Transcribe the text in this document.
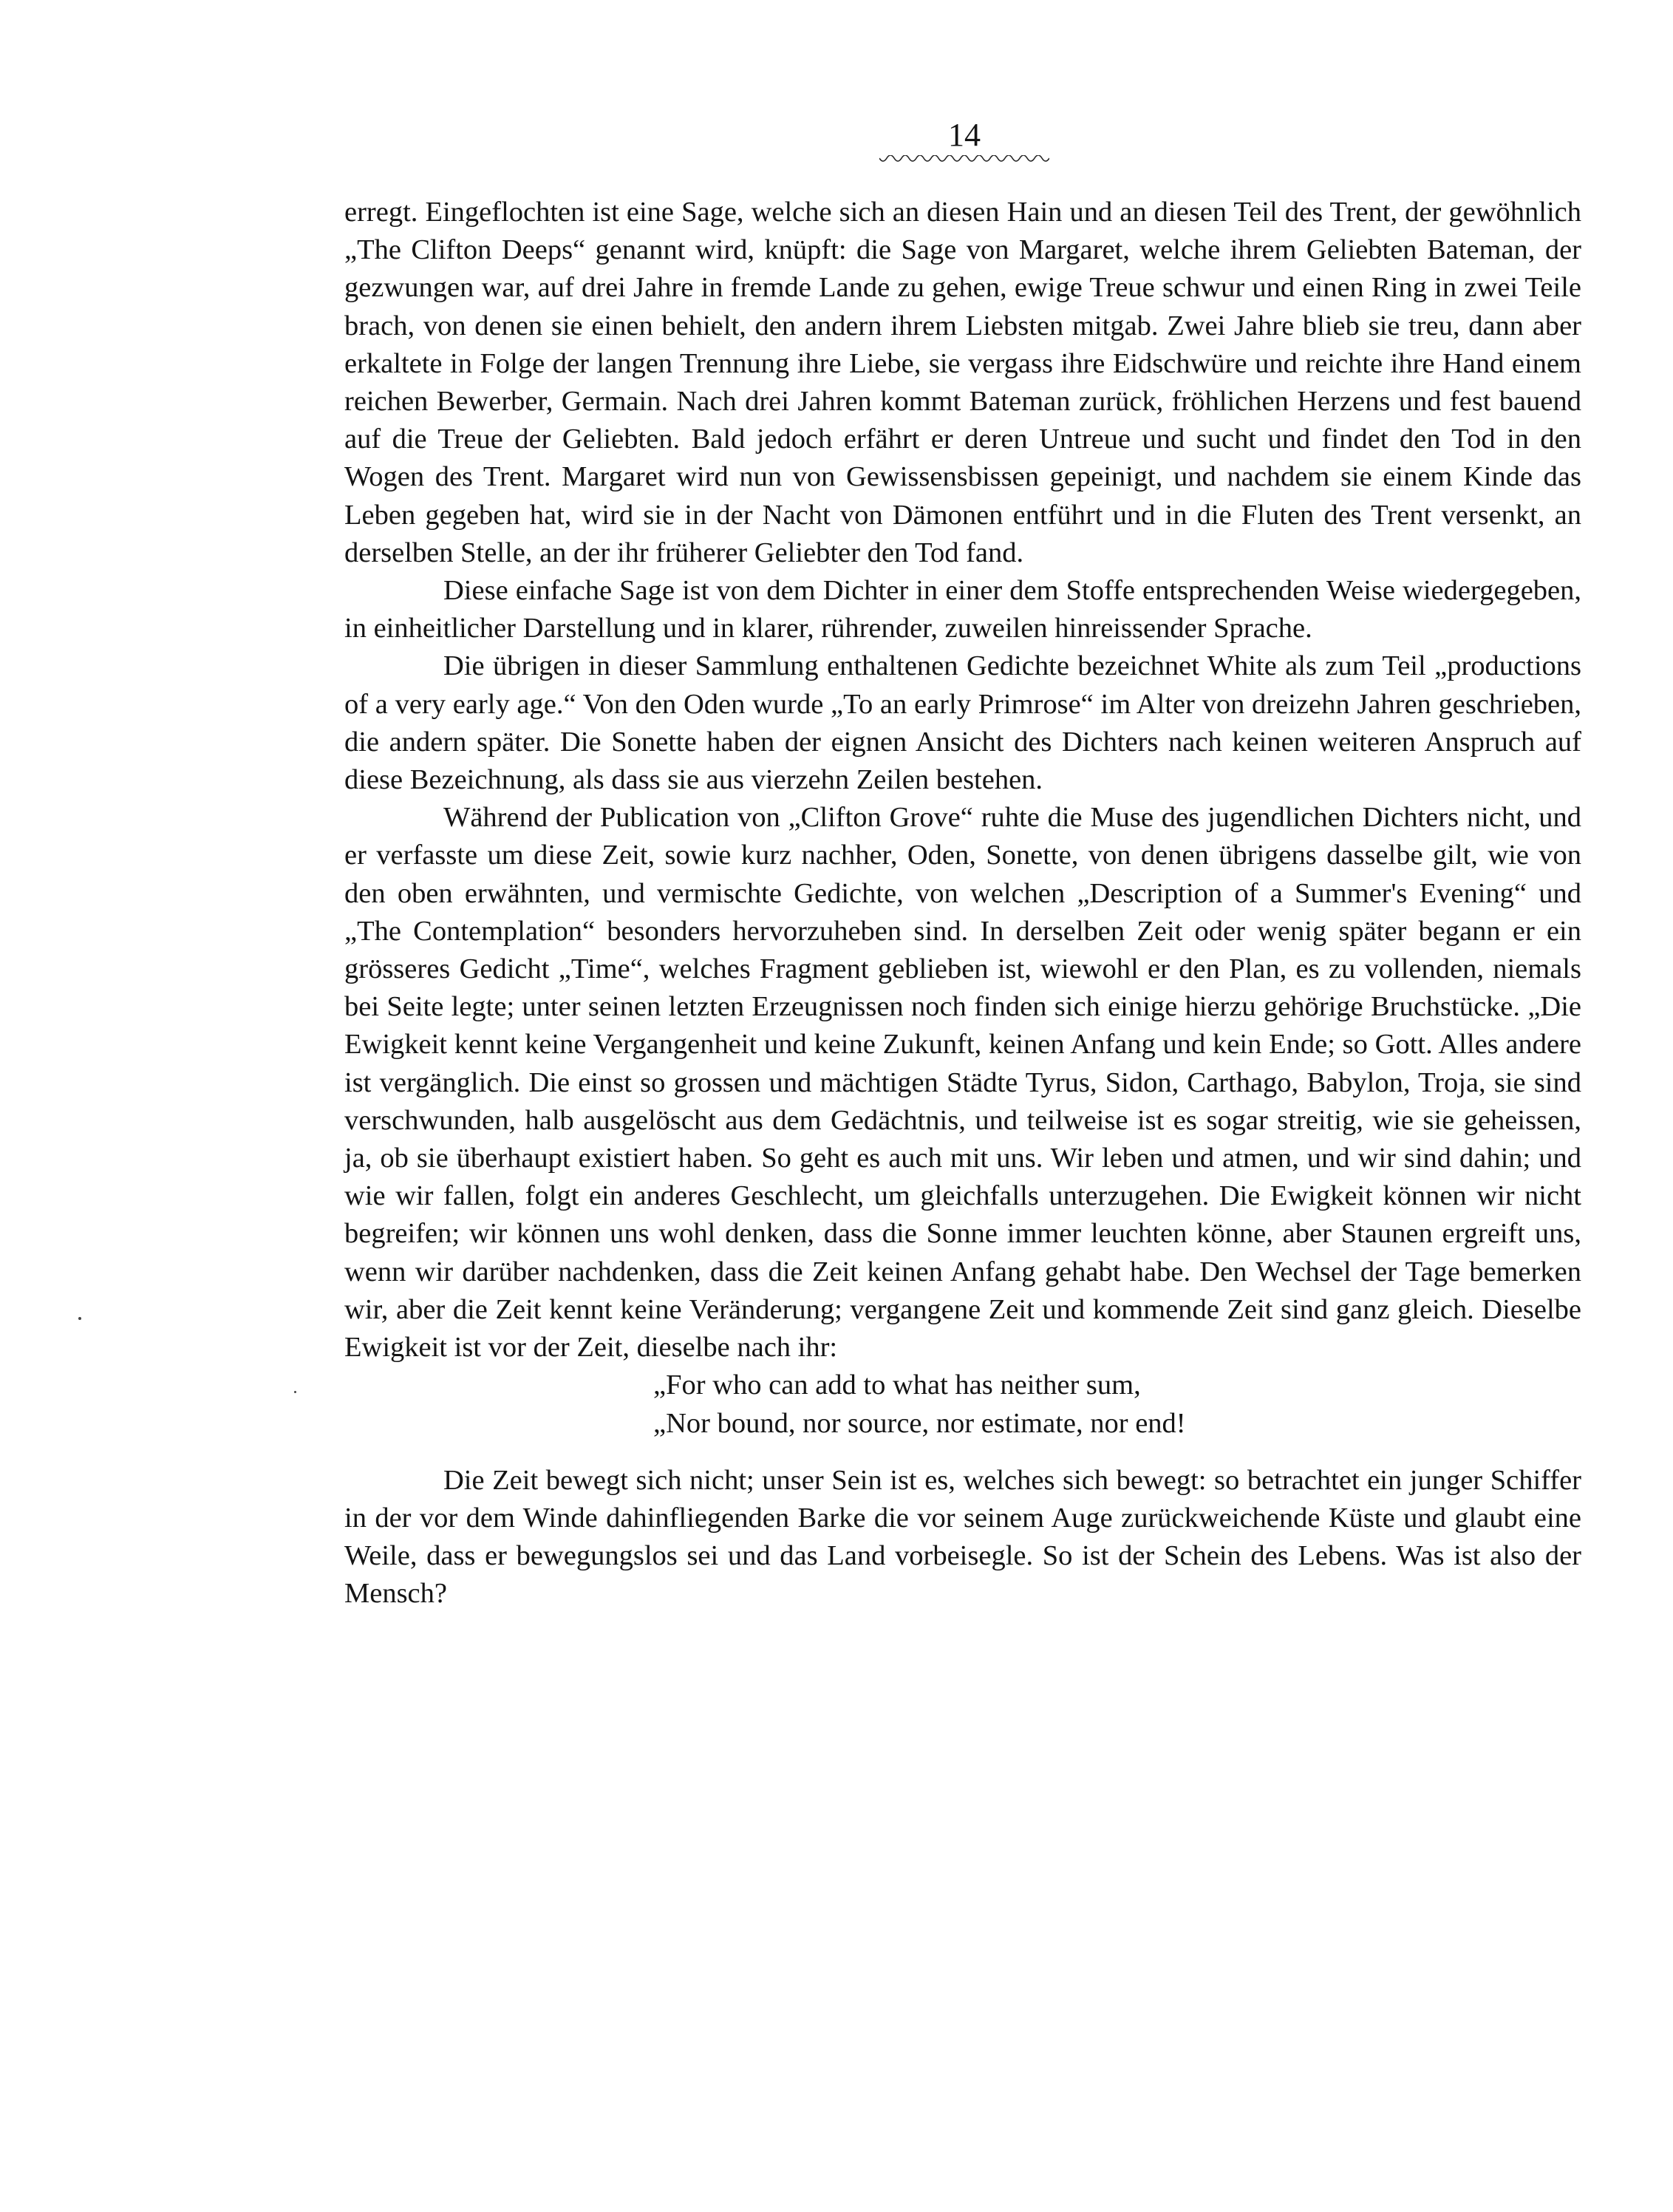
14

erregt. Eingeflochten ist eine Sage, welche sich an diesen Hain und an diesen Teil des Trent, der gewöhnlich „The Clifton Deeps“ genannt wird, knüpft: die Sage von Margaret, welche ihrem Geliebten Bateman, der gezwungen war, auf drei Jahre in fremde Lande zu gehen, ewige Treue schwur und einen Ring in zwei Teile brach, von denen sie einen behielt, den andern ihrem Liebsten mitgab. Zwei Jahre blieb sie treu, dann aber erkaltete in Folge der langen Trennung ihre Liebe, sie vergass ihre Eidschwüre und reichte ihre Hand einem reichen Bewerber, Germain. Nach drei Jahren kommt Bateman zurück, fröhlichen Herzens und fest bauend auf die Treue der Geliebten. Bald jedoch erfährt er deren Untreue und sucht und findet den Tod in den Wogen des Trent. Margaret wird nun von Gewissensbissen gepeinigt, und nachdem sie einem Kinde das Leben gegeben hat, wird sie in der Nacht von Dämonen entführt und in die Fluten des Trent versenkt, an derselben Stelle, an der ihr früherer Geliebter den Tod fand.

Diese einfache Sage ist von dem Dichter in einer dem Stoffe entsprechenden Weise wiedergegeben, in einheitlicher Darstellung und in klarer, rührender, zuweilen hinreissender Sprache.

Die übrigen in dieser Sammlung enthaltenen Gedichte bezeichnet White als zum Teil „productions of a very early age.“ Von den Oden wurde „To an early Primrose“ im Alter von dreizehn Jahren geschrieben, die andern später. Die Sonette haben der eignen Ansicht des Dichters nach keinen weiteren Anspruch auf diese Bezeichnung, als dass sie aus vierzehn Zeilen bestehen.

Während der Publication von „Clifton Grove“ ruhte die Muse des jugendlichen Dichters nicht, und er verfasste um diese Zeit, sowie kurz nachher, Oden, Sonette, von denen übrigens dasselbe gilt, wie von den oben erwähnten, und vermischte Gedichte, von welchen „Description of a Summer's Evening“ und „The Contemplation“ besonders hervorzuheben sind. In derselben Zeit oder wenig später begann er ein grösseres Gedicht „Time“, welches Fragment geblieben ist, wiewohl er den Plan, es zu vollenden, niemals bei Seite legte; unter seinen letzten Erzeugnissen noch finden sich einige hierzu gehörige Bruchstücke. „Die Ewigkeit kennt keine Vergangenheit und keine Zukunft, keinen Anfang und kein Ende; so Gott. Alles andere ist vergänglich. Die einst so grossen und mächtigen Städte Tyrus, Sidon, Carthago, Babylon, Troja, sie sind verschwunden, halb ausgelöscht aus dem Gedächtnis, und teilweise ist es sogar streitig, wie sie geheissen, ja, ob sie überhaupt existiert haben. So geht es auch mit uns. Wir leben und atmen, und wir sind dahin; und wie wir fallen, folgt ein anderes Geschlecht, um gleichfalls unterzugehen. Die Ewigkeit können wir nicht begreifen; wir können uns wohl denken, dass die Sonne immer leuchten könne, aber Staunen ergreift uns, wenn wir darüber nachdenken, dass die Zeit keinen Anfang gehabt habe. Den Wechsel der Tage bemerken wir, aber die Zeit kennt keine Veränderung; vergangene Zeit und kommende Zeit sind ganz gleich. Dieselbe Ewigkeit ist vor der Zeit, dieselbe nach ihr:

„For who can add to what has neither sum,
„Nor bound, nor source, nor estimate, nor end!

Die Zeit bewegt sich nicht; unser Sein ist es, welches sich bewegt: so betrachtet ein junger Schiffer in der vor dem Winde dahinfliegenden Barke die vor seinem Auge zurückweichende Küste und glaubt eine Weile, dass er bewegungslos sei und das Land vorbeisegle. So ist der Schein des Lebens. Was ist also der Mensch?
